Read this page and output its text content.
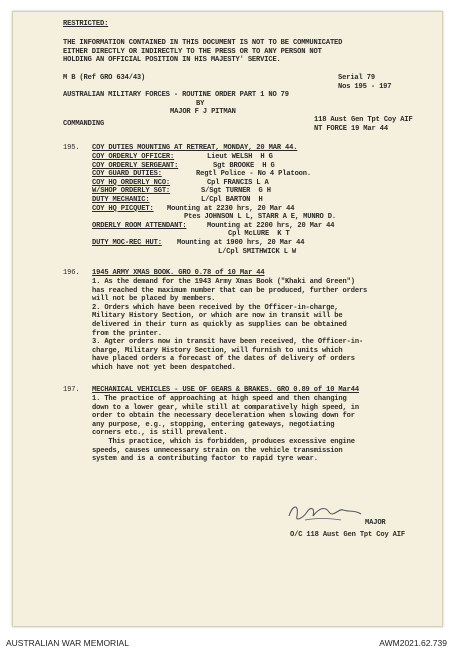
RESTRICTED:
THE INFORMATION CONTAINED IN THIS DOCUMENT IS NOT TO BE COMMUNICATED
EITHER DIRECTLY OR INDIRECTLY TO THE PRESS OR TO ANY PERSON NOT
HOLDING AN OFFICIAL POSITION IN HIS MAJESTY' SERVICE.
M B (Ref GRO 634/43)	Serial 79
Nos 195 - 197
AUSTRALIAN MILITARY FORCES - ROUTINE ORDER PART 1 NO 79
BY
MAJOR F J PITMAN
COMMANDING	118 Aust Gen Tpt Coy AIF
NT FORCE 19 Mar 44
195. COY DUTIES MOUNTING AT RETREAT, MONDAY, 20 MAR 44.
COY ORDERLY OFFICER:	Lieut WELSH  H G
COY ORDERLY SERGEANT:	Sgt BROOKE  H G
COY GUARD DUTIES:	Regtl Police - No 4 Platoon.
COY HQ ORDERLY NCO:	Cpl FRANCIS L A
W/SHOP ORDERLY SGT:	S/Sgt TURNER  G H
DUTY MECHANIC:	L/Cpl BARTON  H
COY HQ PICQUET: Mounting at 2230 hrs, 20 Mar 44
Ptes JOHNSON L L, STARR A E, MUNRO D.
ORDERLY ROOM ATTENDANT:	Mounting at 2200 hrs, 20 Mar 44
Cpl McLURE  K T
DUTY MOC-REC HUT: Mounting at 1900 hrs, 20 Mar 44
L/Cpl SMITHWICK L W
196. 1945 ARMY XMAS BOOK. GRO 0.78 of 10 Mar 44
1. As the demand for the 1943 Army Xmas Book ("Khaki and Green")
has reached the maximum number that can be produced, further orders
will not be placed by members.
2. Orders which have been received by the Officer-in-charge,
Military History Section, or which are now in transit will be
delivered in their turn as quickly as supplies can be obtained
from the printer.
3. Agter orders now in transit have been received, the Officer-in-
charge, Military History Section, will furnish to units which
have placed orders a forecast of the dates of delivery of orders
which have not yet been despatched.
197. MECHANICAL VEHICLES - USE OF GEARS & BRAKES. GRO 0.89 of 10 Mar44
1. The practice of approaching at high speed and then changing
down to a lower gear, while still at comparatively high speed, in
order to obtain the necessary deceleration when slowing down for
any purpose, e.g., stopping, entering gateways, negotiating
corners etc., is still prevalent.
This practice, which is forbidden, produces excessive engine
speeds, causes unnecessary strain on the vehicle transmission
system and is a contributing factor to rapid tyre wear.
MAJOR
O/C 118 Aust Gen Tpt Coy AIF
AUSTRALIAN WAR MEMORIAL	AWM2021.62.739
